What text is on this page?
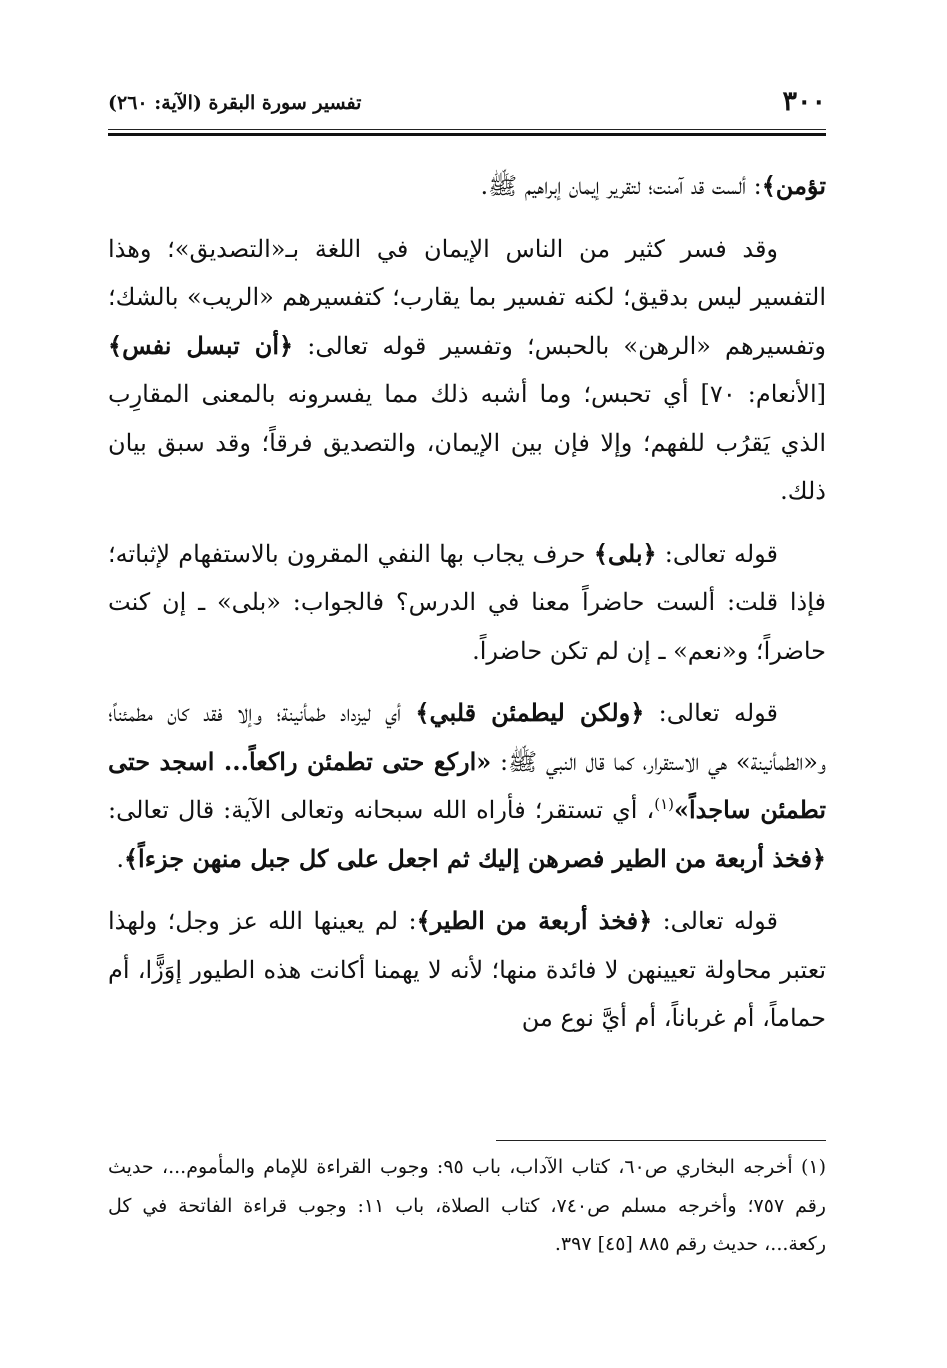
٣٠٠
تفسير سورة البقرة (الآية: ٢٦٠)

تؤمن﴾: ألست قد آمنت؛ لتقرير إيمان إبراهيم ﷺ.

وقد فسر كثير من الناس الإيمان في اللغة بـ«التصديق»؛ وهذا التفسير ليس بدقيق؛ لكنه تفسير بما يقارب؛ كتفسيرهم «الريب» بالشك؛ وتفسيرهم «الرهن» بالحبس؛ وتفسير قوله تعالى: ﴿أن تبسل نفس﴾ [الأنعام: ٧٠] أي تحبس؛ وما أشبه ذلك مما يفسرونه بالمعنى المقارِب الذي يَقرُب للفهم؛ وإلا فإن بين الإيمان، والتصديق فرقاً؛ وقد سبق بيان ذلك.

قوله تعالى: ﴿بلى﴾ حرف يجاب بها النفي المقرون بالاستفهام لإثباته؛ فإذا قلت: ألست حاضراً معنا في الدرس؟ فالجواب: «بلى» ـ إن كنت حاضراً؛ و«نعم» ـ إن لم تكن حاضراً.

قوله تعالى: ﴿ولكن ليطمئن قلبي﴾ أي ليزداد طمأنينة؛ وإلا فقد كان مطمئناً؛ و«الطمأنينة» هي الاستقرار، كما قال النبي ﷺ: «اركع حتى تطمئن راكعاً... اسجد حتى تطمئن ساجداً»$^{(١)}$، أي تستقر؛ فأراه الله سبحانه وتعالى الآية: قال تعالى: ﴿فخذ أربعة من الطير فصرهن إليك ثم اجعل على كل جبل منهن جزءاً﴾.

قوله تعالى: ﴿فخذ أربعة من الطير﴾: لم يعينها الله عز وجل؛ ولهذا تعتبر محاولة تعيينهن لا فائدة منها؛ لأنه لا يهمنا أكانت هذه الطيور إوَزًّا، أم حماماً، أم غرباناً، أم أيَّ نوع من

(١) أخرجه البخاري ص٦٠، كتاب الآداب، باب ٩٥: وجوب القراءة للإمام والمأموم...، حديث رقم ٧٥٧؛ وأخرجه مسلم ص٧٤٠، كتاب الصلاة، باب ١١: وجوب قراءة الفاتحة في كل ركعة...، حديث رقم ٨٨٥ [٤٥] ٣٩٧.
